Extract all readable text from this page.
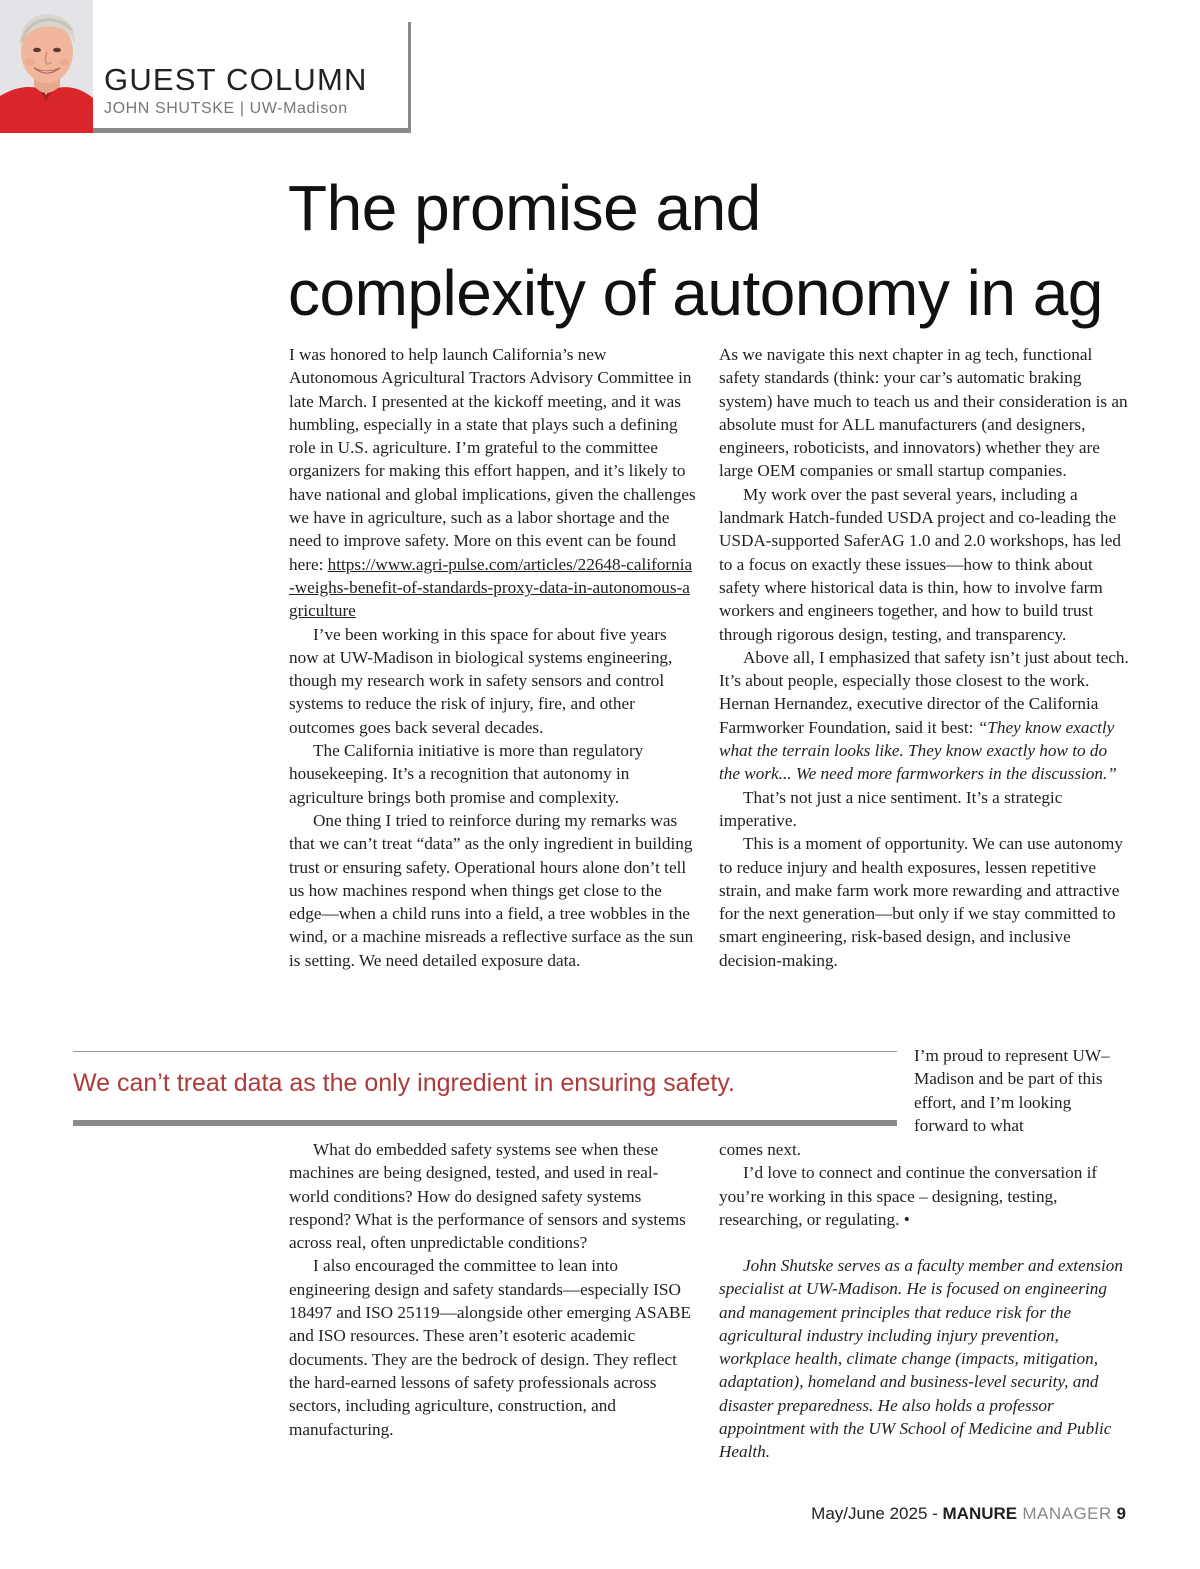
GUEST COLUMN
JOHN SHUTSKE | UW-Madison
The promise and
complexity of autonomy in ag

I was honored to help launch California’s new Autonomous Agricultural Tractors Advisory Committee in late March. I presented at the kickoff meeting, and it was humbling, especially in a state that plays such a defining role in U.S. agriculture. I’m grateful to the committee organizers for making this effort happen, and it’s likely to have national and global implications, given the challenges we have in agriculture, such as a labor shortage and the need to improve safety. More on this event can be found here: https://www.agri-pulse.com/articles/22648-california-weighs-benefit-of-standards-proxy-data-in-autonomous-agriculture

I’ve been working in this space for about five years now at UW-Madison in biological systems engineering, though my research work in safety sensors and control systems to reduce the risk of injury, fire, and other outcomes goes back several decades.

The California initiative is more than regulatory housekeeping. It’s a recognition that autonomy in agriculture brings both promise and complexity.

One thing I tried to reinforce during my remarks was that we can’t treat “data” as the only ingredient in building trust or ensuring safety. Operational hours alone don’t tell us how machines respond when things get close to the edge—when a child runs into a field, a tree wobbles in the wind, or a machine misreads a reflective surface as the sun is setting. We need detailed exposure data.

As we navigate this next chapter in ag tech, functional safety standards (think: your car’s automatic braking system) have much to teach us and their consideration is an absolute must for ALL manufacturers (and designers, engineers, roboticists, and innovators) whether they are large OEM companies or small startup companies.

My work over the past several years, including a landmark Hatch-funded USDA project and co-leading the USDA-supported SaferAG 1.0 and 2.0 workshops, has led to a focus on exactly these issues—how to think about safety where historical data is thin, how to involve farm workers and engineers together, and how to build trust through rigorous design, testing, and transparency.

Above all, I emphasized that safety isn’t just about tech. It’s about people, especially those closest to the work. Hernan Hernandez, executive director of the California Farmworker Foundation, said it best: “They know exactly what the terrain looks like. They know exactly how to do the work... We need more farmworkers in the discussion.”

That’s not just a nice sentiment. It’s a strategic imperative.

This is a moment of opportunity. We can use autonomy to reduce injury and health exposures, lessen repetitive strain, and make farm work more rewarding and attractive for the next generation—but only if we stay committed to smart engineering, risk-based design, and inclusive decision-making.

I’m proud to represent UW–Madison and be part of this effort, and I’m looking forward to what
We can’t treat data as the only ingredient in ensuring safety.

What do embedded safety systems see when these machines are being designed, tested, and used in real-world conditions? How do designed safety systems respond? What is the performance of sensors and systems across real, often unpredictable conditions?

I also encouraged the committee to lean into engineering design and safety standards—especially ISO 18497 and ISO 25119—alongside other emerging ASABE and ISO resources. These aren’t esoteric academic documents. They are the bedrock of design. They reflect the hard-earned lessons of safety professionals across sectors, including agriculture, construction, and manufacturing.

comes next.

I’d love to connect and continue the conversation if you’re working in this space – designing, testing, researching, or regulating. •

John Shutske serves as a faculty member and extension specialist at UW-Madison. He is focused on engineering and management principles that reduce risk for the agricultural industry including injury prevention, workplace health, climate change (impacts, mitigation, adaptation), homeland and business-level security, and disaster preparedness. He also holds a professor appointment with the UW School of Medicine and Public Health.

May/June 2025 - MANURE MANAGER 9
